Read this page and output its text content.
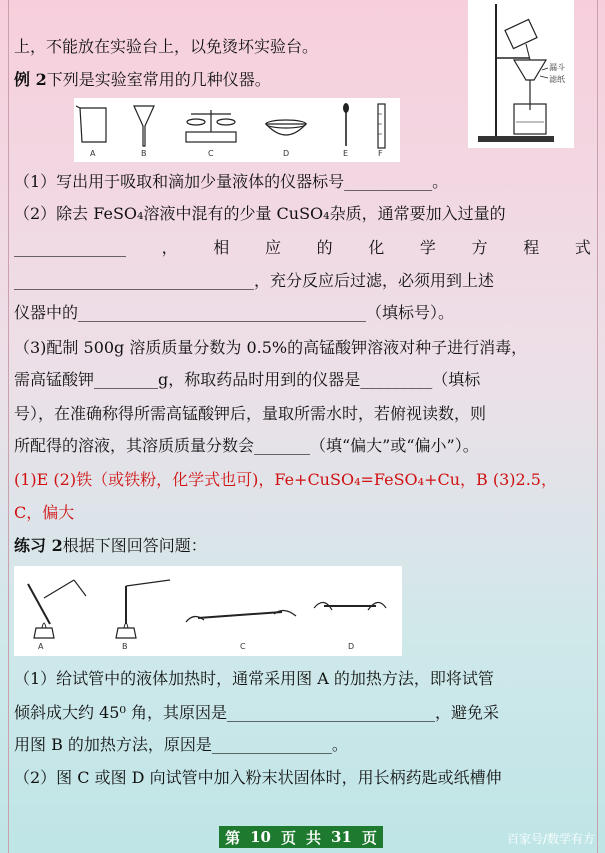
漏斗
滤纸
上，不能放在实验台上，以免烫坏实验台。
例 2下列是实验室常用的几种仪器。
A	B	C	D	E	F
（1）写出用于吸取和滴加少量液体的仪器标号___________。
（2）除去 FeSO₄溶液中混有的少量 CuSO₄杂质，通常要加入过量的
______________ ， 相 应 的 化 学 方 程 式
______________________________，充分反应后过滤，必须用到上述
仪器中的____________________________________（填标号）。
（3)配制 500g 溶质质量分数为 0.5%的高锰酸钾溶液对种子进行消毒，
需高锰酸钾________g，称取药品时用到的仪器是_________（填标
号），在准确称得所需高锰酸钾后，量取所需水时，若俯视读数，则
所配得的溶液，其溶质质量分数会_______（填“偏大”或“偏小”）。
(1)E (2)铁（或铁粉，化学式也可)，Fe+CuSO₄=FeSO₄+Cu，B (3)2.5，
C，偏大
练习 2根据下图回答问题：
A	B	C	D
（1）给试管中的液体加热时，通常采用图 A 的加热方法，即将试管
倾斜成大约 45⁰ 角，其原因是__________________________，避免采
用图 B 的加热方法，原因是_______________。
（2）图 C 或图 D 向试管中加入粉末状固体时，用长柄药匙或纸槽伸
第 10 页 共 31 页	百家号/数学有方
